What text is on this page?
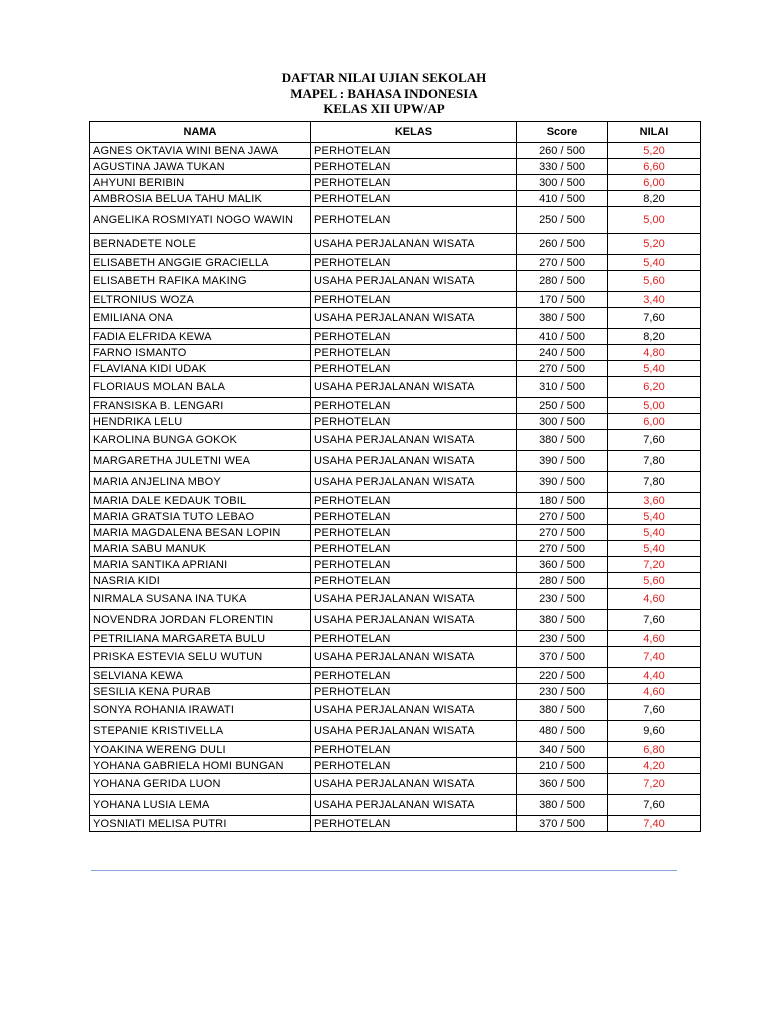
DAFTAR NILAI UJIAN SEKOLAH
MAPEL : BAHASA INDONESIA
KELAS XII UPW/AP
NAMA	KELAS	Score	NILAI
AGNES OKTAVIA WINI BENA JAWA	PERHOTELAN	260 / 500	5,20
AGUSTINA JAWA TUKAN	PERHOTELAN	330 / 500	6,60
AHYUNI BERIBIN	PERHOTELAN	300 / 500	6,00
AMBROSIA BELUA TAHU MALIK	PERHOTELAN	410 / 500	8,20
ANGELIKA ROSMIYATI NOGO WAWIN	PERHOTELAN	250 / 500	5,00
BERNADETE NOLE	USAHA PERJALANAN WISATA	260 / 500	5,20
ELISABETH ANGGIE GRACIELLA	PERHOTELAN	270 / 500	5,40
ELISABETH RAFIKA MAKING	USAHA PERJALANAN WISATA	280 / 500	5,60
ELTRONIUS WOZA	PERHOTELAN	170 / 500	3,40
EMILIANA ONA	USAHA PERJALANAN WISATA	380 / 500	7,60
FADIA ELFRIDA KEWA	PERHOTELAN	410 / 500	8,20
FARNO ISMANTO	PERHOTELAN	240 / 500	4,80
FLAVIANA KIDI UDAK	PERHOTELAN	270 / 500	5,40
FLORIAUS MOLAN BALA	USAHA PERJALANAN WISATA	310 / 500	6,20
FRANSISKA B. LENGARI	PERHOTELAN	250 / 500	5,00
HENDRIKA LELU	PERHOTELAN	300 / 500	6,00
KAROLINA BUNGA GOKOK	USAHA PERJALANAN WISATA	380 / 500	7,60
MARGARETHA JULETNI WEA	USAHA PERJALANAN WISATA	390 / 500	7,80
MARIA ANJELINA MBOY	USAHA PERJALANAN WISATA	390 / 500	7,80
MARIA DALE KEDAUK TOBIL	PERHOTELAN	180 / 500	3,60
MARIA GRATSIA TUTO LEBAO	PERHOTELAN	270 / 500	5,40
MARIA MAGDALENA BESAN LOPIN	PERHOTELAN	270 / 500	5,40
MARIA SABU MANUK	PERHOTELAN	270 / 500	5,40
MARIA SANTIKA APRIANI	PERHOTELAN	360 / 500	7,20
NASRIA KIDI	PERHOTELAN	280 / 500	5,60
NIRMALA SUSANA INA TUKA	USAHA PERJALANAN WISATA	230 / 500	4,60
NOVENDRA JORDAN FLORENTIN	USAHA PERJALANAN WISATA	380 / 500	7,60
PETRILIANA MARGARETA BULU	PERHOTELAN	230 / 500	4,60
PRISKA ESTEVIA SELU WUTUN	USAHA PERJALANAN WISATA	370 / 500	7,40
SELVIANA KEWA	PERHOTELAN	220 / 500	4,40
SESILIA KENA PURAB	PERHOTELAN	230 / 500	4,60
SONYA ROHANIA IRAWATI	USAHA PERJALANAN WISATA	380 / 500	7,60
STEPANIE KRISTIVELLA	USAHA PERJALANAN WISATA	480 / 500	9,60
YOAKINA WERENG DULI	PERHOTELAN	340 / 500	6,80
YOHANA GABRIELA HOMI BUNGAN	PERHOTELAN	210 / 500	4,20
YOHANA GERIDA LUON	USAHA PERJALANAN WISATA	360 / 500	7,20
YOHANA LUSIA LEMA	USAHA PERJALANAN WISATA	380 / 500	7,60
YOSNIATI MELISA PUTRI	PERHOTELAN	370 / 500	7,40
